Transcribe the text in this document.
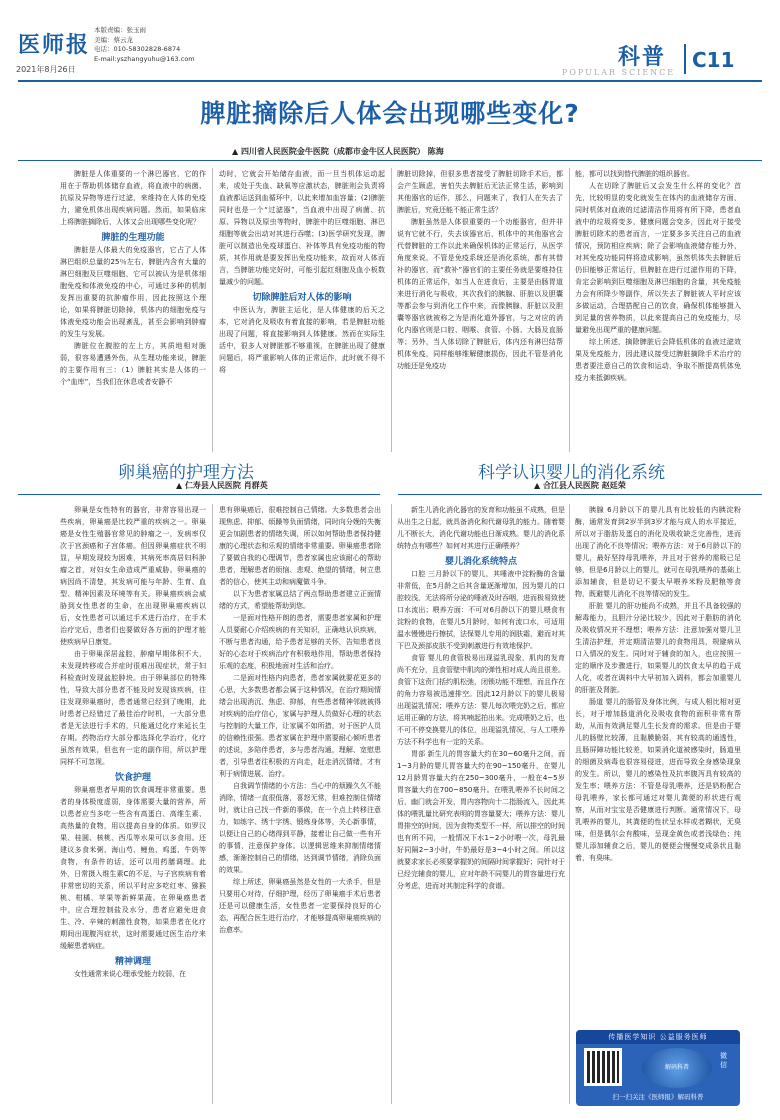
医师报
本版责编：张玉雨
美编：蔡云龙
电话：010-58302828-6874
E-mail:yszhangyuhu@163.com
2021年8月26日	科普
POPULAR SCIENCE
C11
脾脏摘除后人体会出现哪些变化?
▲ 四川省人民医院金牛医院（成都市金牛区人民医院） 陈海

脾脏是人体重要的一个淋巴器官，它的作用在于帮助机体储存血液，将血液中的病菌、抗原及异物等进行过滤，来维持在人体的免疫力，避免机体出现疾病问题。然而，如果临床上将脾脏摘除后，人体又会出现哪些变化呢？

脾脏的生理功能

脾脏是人体最大的免疫器官，它占了人体淋巴组织总量的25％左右，脾脏内含有大量的淋巴细胞及巨噬细胞，它可以被认为是机体细胞免疫和体液免疫的中心，可通过多种的机制发挥出重要的抗肿瘤作用，因此按照这个理论，如果将脾脏切除掉，机体内的细胞免疫与体液免疫功能会出现紊乱，甚至会影响到肿瘤的发生与发展。

脾脏位在腹腔的左上方，其质地相对脆弱，很容易遭遇外伤，从生理功能来说，脾脏的主要作用有三：（1）脾脏其实是人体的一个“血库”，当我们在休息或者安静不

动时，它就会开始储存血液，而一旦当机体运动起来，或处于失血、缺氧等应激状态，脾脏则会负责将血液都运送到血循环中，以此来增加血容量；(2)脾脏同时也是一个“过滤器”，当血液中出现了病菌、抗原、异物以及原虫等物时，脾脏中的巨噬细胞、淋巴细胞等就会出动对其进行吞噬；(3)医学研究发现，脾脏可以制造出免疫球蛋白、补体等具有免疫功能的物质，其作用就是要发挥出免疫功能来，故而对人体而言，当脾脏功能完好时，可能引起红细胞及血小板数量减少的问题。

切除脾脏后对人体的影响

中医认为，脾脏主运化，是人体健康的后天之本，它对消化及吸收有着直接的影响，若是脾脏功能出现了问题，将直接影响到人体健康。然而在实际生活中，很多人对脾脏都不够重视，在脾脏出现了健康问题后，将严重影响人体的正常运作，此时就不得不将

脾脏切除掉，但很多患者接受了脾脏切除手术后，都会产生顾虑，害怕失去脾脏后无法正常生活，影响到其他器官的运作，那么，问题来了，我们人在失去了脾脏后，究竟还能不能正常生活？

脾脏虽然是人体很重要的一个功能器官，但并非说有它就不行，失去该器官后，机体中的其他器官会代替脾脏的工作以此来确保机体的正常运行，从医学角度来说，不管是免疫系统还是消化系统，都有其替补的器官，而“救补”器官们的主要任务就是要维持住机体的正常运作，如当人在进食后，主要是由肠胃道来进行消化与吸收，其次我们的胰腺、肝脏以及胆囊等都会参与到消化工作中来，而像胰腺、肝脏以及胆囊等器官就被称之为是消化道外器官，与之对应的消化内器官则是口腔、咽喉、食管、小肠、大肠及直肠等；另外，当人体切除了脾脏后，体内还有淋巴结帮机体免疫，同样能够维解健康损伤，因此不管是消化功能还是免疫功

能，都可以找到替代脾脏的组织器官。

人在切除了脾脏后又会发生什么样的变化？首先，比较明显的变化就发生在体内的血液储存方面，同时机体对血液的过滤清洁作用将有所下降，患者血液中的垃圾将变多，健康问题会变多，因此对于接受脾脏切除术的患者而言，一定要多多关注自己的血液情况，预防相应疾病；除了会影响血液储存能力外，对其免疫功能同样将造成影响，虽然机体失去脾脏后仍旧能够正常运行，但脾脏在进行过滤作用的下降，肯定会影响到巨噬细胞及淋巴细胞的含量，其免疫能力会有所降少等副作，所以失去了脾脏被人平时应该多做运动，合理搭配自己的饮食，确保机体能够摄入到足量的营养物质，以此来提高自己的免疫能力，尽量避免出现严重的健康问题。

综上所述，摘除脾脏后会降低机体的血液过滤效果及免疫能力，因此建议接受过脾脏摘除手术治疗的患者要注意自己的饮食和运动，争取不断提高机体免疫力来抵御疾病。

卵巢癌的护理方法
▲ 仁寿县人民医院 肖群英

卵巢是女性特有的器官，非常容易出现一些疾病，卵巢癌是比较严重的疾病之一。卵巢癌是女性生殖器官常见的肿瘤之一，发病率仅次于宫颈癌和子宫体癌。但因卵巢癌症状不明显，早期发现较为困难，其病死率高居妇科肿瘤之首，对妇女生命造成严重威胁。卵巢癌的病因尚不清楚，其发病可能与年龄、生育、血型、精神因素及环境等有关。卵巢癌疾病会威胁到女性患者的生命，在出现卵巢癌疾病以后，女性患者可以通过手术进行治疗，在手术治疗完后，患者们也要做好各方面的护理才能使疾病早日康复。

由于卵巢深居盆腔，肿瘤早期体积不大，未发现转移或合并症时很难出现症状，常于妇科检查时发现盆腔肿块。由于卵巢部位的特殊性，导致大部分患者不能及时发现该疾病，往往发现卵巢癌时，患者通常已经到了晚期，此时患者已经错过了最佳治疗时机，一大部分患者是无法进行手术的，只能通过化疗来延长生存期。药物治疗大部分都选择化学治疗，化疗虽然有效果，但也有一定的副作用，所以护理同样不可忽视。

饮食护理

卵巢癌患者早期的饮食调理非常重要。患者的身体极度虚弱，身体需要大量的营养，所以患者应当多吃一些含有高蛋白、高维生素、高热量的食物，用以提高自身的体质。如罗汉果、桂圆、核桃、西瓜等水果可以多食用。还建议多食米粥、海山芍、鲤鱼、鸡蛋、牛奶等食物，有条件的话，还可以用药膳调理。此外，日常摄入维生素C的不足，与子宫疾病有着非常密切的关系，所以平时应多吃红枣、猕猴桃、柑橘、苹果等新鲜果蔬。在卵巢癌患者中，应合理控制盐及水分，患者应避免进食生、冷、辛辣的刺激性食物，如果患者在化疗期间出现腹泻症状，这时需要通过医生治疗来缓解患者病症。

精神调理

女性通常来说心理承受能力较弱，在

患有卵巢癌后，很难控制自己情绪。大多数患者会出现焦虑、抑郁、烦躁等负面情绪，同时向分娩的失衡更会加剧患者的情绪失调，所以如何帮助患者保持健康的心理状态和乐观的情绪非常重要。卵巢癌患者除了要做自我的心理调节，患者家属也应该耐心的帮助患者，理解患者的烦恼、悲观、绝望的情绪，树立患者的信心，使其主动和病魔做斗争。

以下为患者家属总结了两点帮助患者建立正面情绪的方式，希望能帮助到您。

一是面对性格开朗的患者，需要患者家属和护理人员要耐心介绍疾病的有关知识，正确地认识疾病，不断与患者沟通，给予患者足够的关怀，告知患者良好的心态对于疾病治疗有积极地作用，帮助患者保持乐观的态度，积极地面对生活和治疗。

二是面对性格内向患者，患者家属就要花更多的心思，大多数患者都会属于这种情况，在治疗期间情绪会出现消沉、焦虑、抑郁，有些患者精神邻就被得对疾病的治疗信心，家属与护理人员做好心理的状态与控制的大量工作，让家属不如所措，对于医护人员的信赖性很强。患者家属在护理中需要耐心倾听患者的述说，多陪伴患者，多与患者沟通，理解、宽慰患者，引导患者往积极的方向走，赶走消沉情绪，才有利于病情进展、治疗。

自我调节情绪的小方法：当心中的烦躁久久不能消除，情绪一直很低落，喜怒无常，但难控制住情绪时，就让自己找一件新的事做，在一个点上转移注意力，如练字、绣十字绣、锻炼身体等，关心新事情，以便让自己的心绪得到平静，接着让自己做一些有开的事情，注意保护身体。以逻辑思维来抑制情绪情感，渐渐控制自己的情绪，达到调节情绪，消除负面的效果。

综上所述，卵巢癌虽然是女性的一大杀手，但是只要用心对待，仔细护理，经历了卵巢癌手术后患者还是可以健康生活，女性患者一定要保持良好的心态，再配合医生进行治疗，才能够提高卵巢癌疾病的治愈率。

科学认识婴儿的消化系统
▲ 合江县人民医院 赵廷荣

新生儿消化消化器官的发育和功能虽不成熟，但是从出生之日起，就具备消化和代谢母乳的能力。随着婴儿不断长大，消化代谢功能也日渐成熟。婴儿的消化系统特点有哪些？如何对其进行正确喂养？

婴儿消化系统特点

口腔 三月龄以下的婴儿，其唾液中淀粉酶的含量非常低，在5月龄之后其含量逐渐增加，因为婴儿的口腔较浅，无法将所分泌的唾液及时吞咽，进而极易致使口水流出；喂养方面：不可对6月龄以下的婴儿喂食有淀粉的食物，在婴儿5月龄时，如何有流口水，可适用温水慢慢进行擦拭，法保婴儿专用的润肤霜，避而对其下巴及颈部皮肤不受到刺激进行有效地保护。

食管 婴儿的食管极易出现溢乳现象，肌肉的发育尚不充分，且食管壁中肌肉的弹性相对成人尚且很差。食管下这贲门括约肌松弛，闭锁功能不理想，而且作在的角力容易被迅速排空。因此12月龄以下的婴儿极易出现溢乳情况；喂养方法：婴儿每次喂完奶之后，都应运用正确的方法，将其喃起拍出来。完成喂奶之后，也不可不停变换婴儿的体位，出现溢乳情况，与人工喂养方法不科学也有一定的关系。

胃部 新生儿的胃容量大约在30~60毫升之间，而1~3月龄的婴儿胃容量大约在90~150毫升，在婴儿12月龄胃容量大约在250~300毫升，一般在4~5岁胃容量大约在700~850毫升。在喂乳喂养不长时间之后，幽门就会开发，胃内容物向十二指肠流入，因此其体的喂乳量比研究表明的胃容量要大；喂养方法：婴儿胃排空的时间，因为食物类型不一样，所以排空的时间也有所不同，一般情况下水1~2小时喂一次，母乳最好同隔2~3小时，牛奶最好是3~4小时之间。所以这就要求家长必须要掌握奶的间隔时间掌握好；同针对于已经完辅食的婴儿，应对年龄不同婴儿的胃容量进行充分考虑，进而对其制定科学的食谱。

胰腺 6月龄以下的婴儿具有比较低的内胰淀粉酶，通常发育到2岁半到3岁才能与成人的水平接近，所以对于脂肪及蛋白的消化及吸收缺乏完善性，进而出现了消化不良等情况；喂养方法：对于6月龄以下的婴儿，最好坚持母乳喂养，并且对于营养的需吸已足够，但是6月龄以上的婴儿，就可在母乳喂养的基础上添加辅食，但是切记不要太早喂养米粉及肥粮等食物，既避婴儿消化不良等情况的发生。

肝脏 婴儿的肝功能尚不成熟，并且不具备较强的解毒能力，且胆汁分泌比较少，因此对于脂肪的消化及吸收情况并不理想；喂养方法：注意加强对婴儿卫生清洁护理，并定期清洁婴儿的食物用具，规避病从口入情况的发生。同时对于辅食的加入，也应按照一定的顺序及步骤进行，如果婴儿的饮食太早的趋于成人化，或者在调料中大早初加入调料，都会加重婴儿的肝脏及肾脏。

肠道 婴儿的肠管及身体比例，与成人相比相对更长，对于增加肠道消化及吸收食物的面积非常有帮助，从而有效满足婴儿生长发育的需求。但是由于婴儿的肠壁比较薄，且黏膜脆弱，其有较高的通透性，且肠屏障功能比较差，如果消化道被感染时，肠道里的细菌及病毒也很容易侵进，进而导致全身感染现象的发生。所以，婴儿的感染性及抗率腹泻具有较高的发生率；喂养方法：不管是母乳喂养，还是奶粉配合母乳喂养，家长都可通过对婴儿粪便的形状进行观察，从而对宝宝是否健康进行判断。通常情况下，母乳喂养的婴儿，其粪便的性状呈水样或者糊状，无臭味，但是偶尔会有酸味，呈现金黄色或者浅绿色；纯婴儿添加辅食之后，婴儿的便便会慢慢变成条状且黏着，有臭味。

传播医学知识 公益服务医师
解码科普
微信
扫一扫关注《医师报》解码科普
